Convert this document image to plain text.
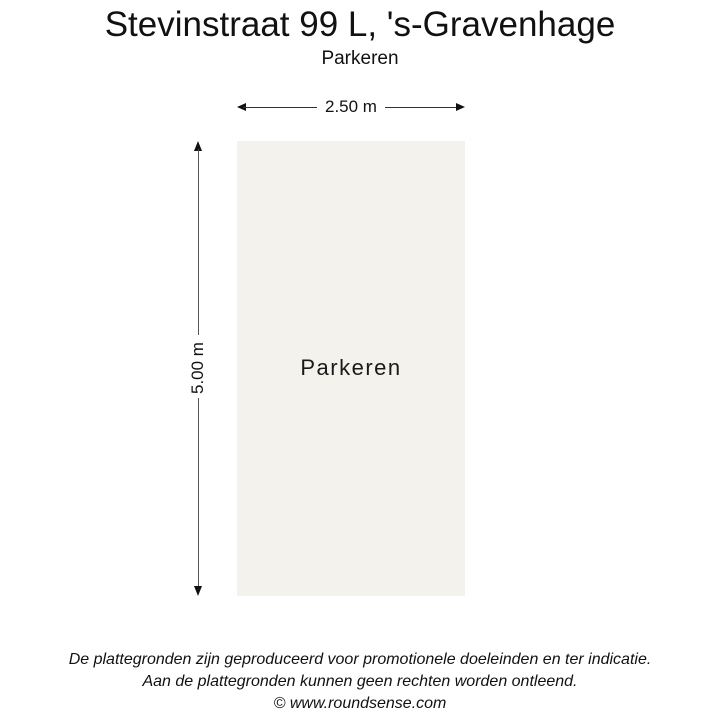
Stevinstraat 99 L, 's-Gravenhage
Parkeren
2.50 m
5.00 m	Parkeren
De plattegronden zijn geproduceerd voor promotionele doeleinden en ter indicatie.
Aan de plattegronden kunnen geen rechten worden ontleend.
© www.roundsense.com
